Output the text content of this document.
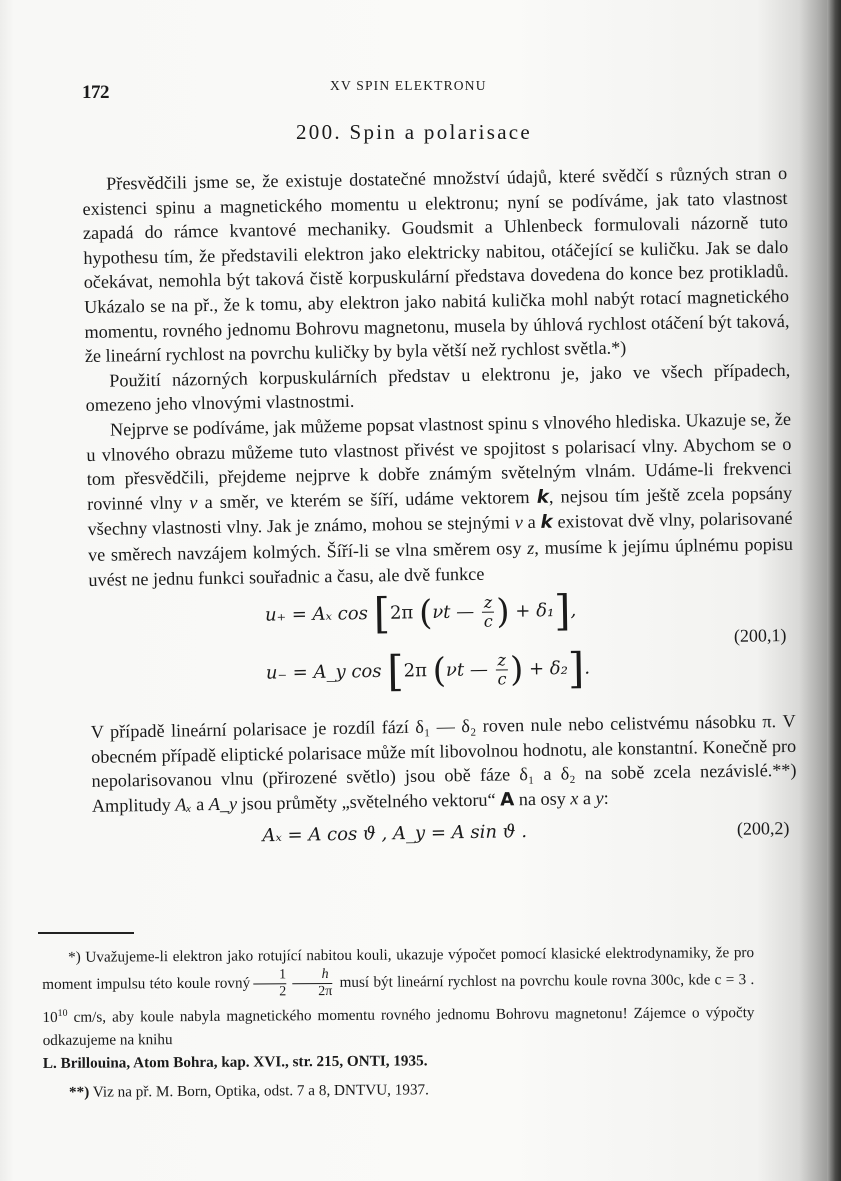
172	XV SPIN ELEKTRONU
200. Spin a polarisace

Přesvědčili jsme se, že existuje dostatečné množství údajů, které svědčí s různých stran o existenci spinu a magnetického momentu u elektronu; nyní se podíváme, jak tato vlastnost zapadá do rámce kvantové mechaniky. Goudsmit a Uhlenbeck formulovali názorně tuto hypothesu tím, že představili elektron jako elektricky nabitou, otáčející se kuličku. Jak se dalo očekávat, nemohla být taková čistě korpuskulární představa dovedena do konce bez protikladů. Ukázalo se na př., že k tomu, aby elektron jako nabitá kulička mohl nabýt rotací magnetického momentu, rovného jednomu Bohrovu magnetonu, musela by úhlová rychlost otáčení být taková, že lineární rychlost na povrchu kuličky by byla větší než rychlost světla.*)

Použití názorných korpuskulárních představ u elektronu je, jako ve všech případech, omezeno jeho vlnovými vlastnostmi.

Nejprve se podíváme, jak můžeme popsat vlastnost spinu s vlnového hlediska. Ukazuje se, že u vlnového obrazu můžeme tuto vlastnost přivést ve spojitost s polarisací vlny. Abychom se o tom přesvědčili, přejdeme nejprve k dobře známým světelným vlnám. Udáme-li frekvenci rovinné vlny ν a směr, ve kterém se šíří, udáme vektorem k, nejsou tím ještě zcela popsány všechny vlastnosti vlny. Jak je známo, mohou se stejnými ν a k existovat dvě vlny, polarisované ve směrech navzájem kolmých. Šíří-li se vlna směrem osy z, musíme k jejímu úplnému popisu uvést ne jednu funkci souřadnic a času, ale dvě funkce

u₊ = Aₓ cos [2π (νt — $\frac{z}{c}$ ) + δ₁],
u₋ = A_y cos [2π (νt — $\frac{z}{c}$ ) + δ₂].
(200,1)

V případě lineární polarisace je rozdíl fází δ₁ — δ₂ roven nule nebo celistvému násobku π. V obecném případě eliptické polarisace může mít libovolnou hodnotu, ale konstantní. Konečně pro nepolarisovanou vlnu (přirozené světlo) jsou obě fáze δ₁ a δ₂ na sobě zcela nezávislé.**) Amplitudy Aₓ a A_y jsou průměty „světelného vektoru“ A na osy x a y:

Aₓ = A cos ϑ , A_y = A sin ϑ .	(200,2)

*) Uvažujeme-li elektron jako rotující nabitou kouli, ukazuje výpočet pomocí klasické elektrodynamiky, že pro moment impulsu této koule rovný $\frac{1}{2} \frac{h}{2\pi}$ musí být lineární rychlost na povrchu koule rovna 300c, kde c = 3 . $10^{10}$ cm/s, aby koule nabyla magnetického momentu rovného jednomu Bohrovu magnetonu! Zájemce o výpočty odkazujeme na knihu
L. Brillouina, Atom Bohra, kap. XVI., str. 215, ONTI, 1935.

**) Viz na př. M. Born, Optika, odst. 7 a 8, DNTVU, 1937.
